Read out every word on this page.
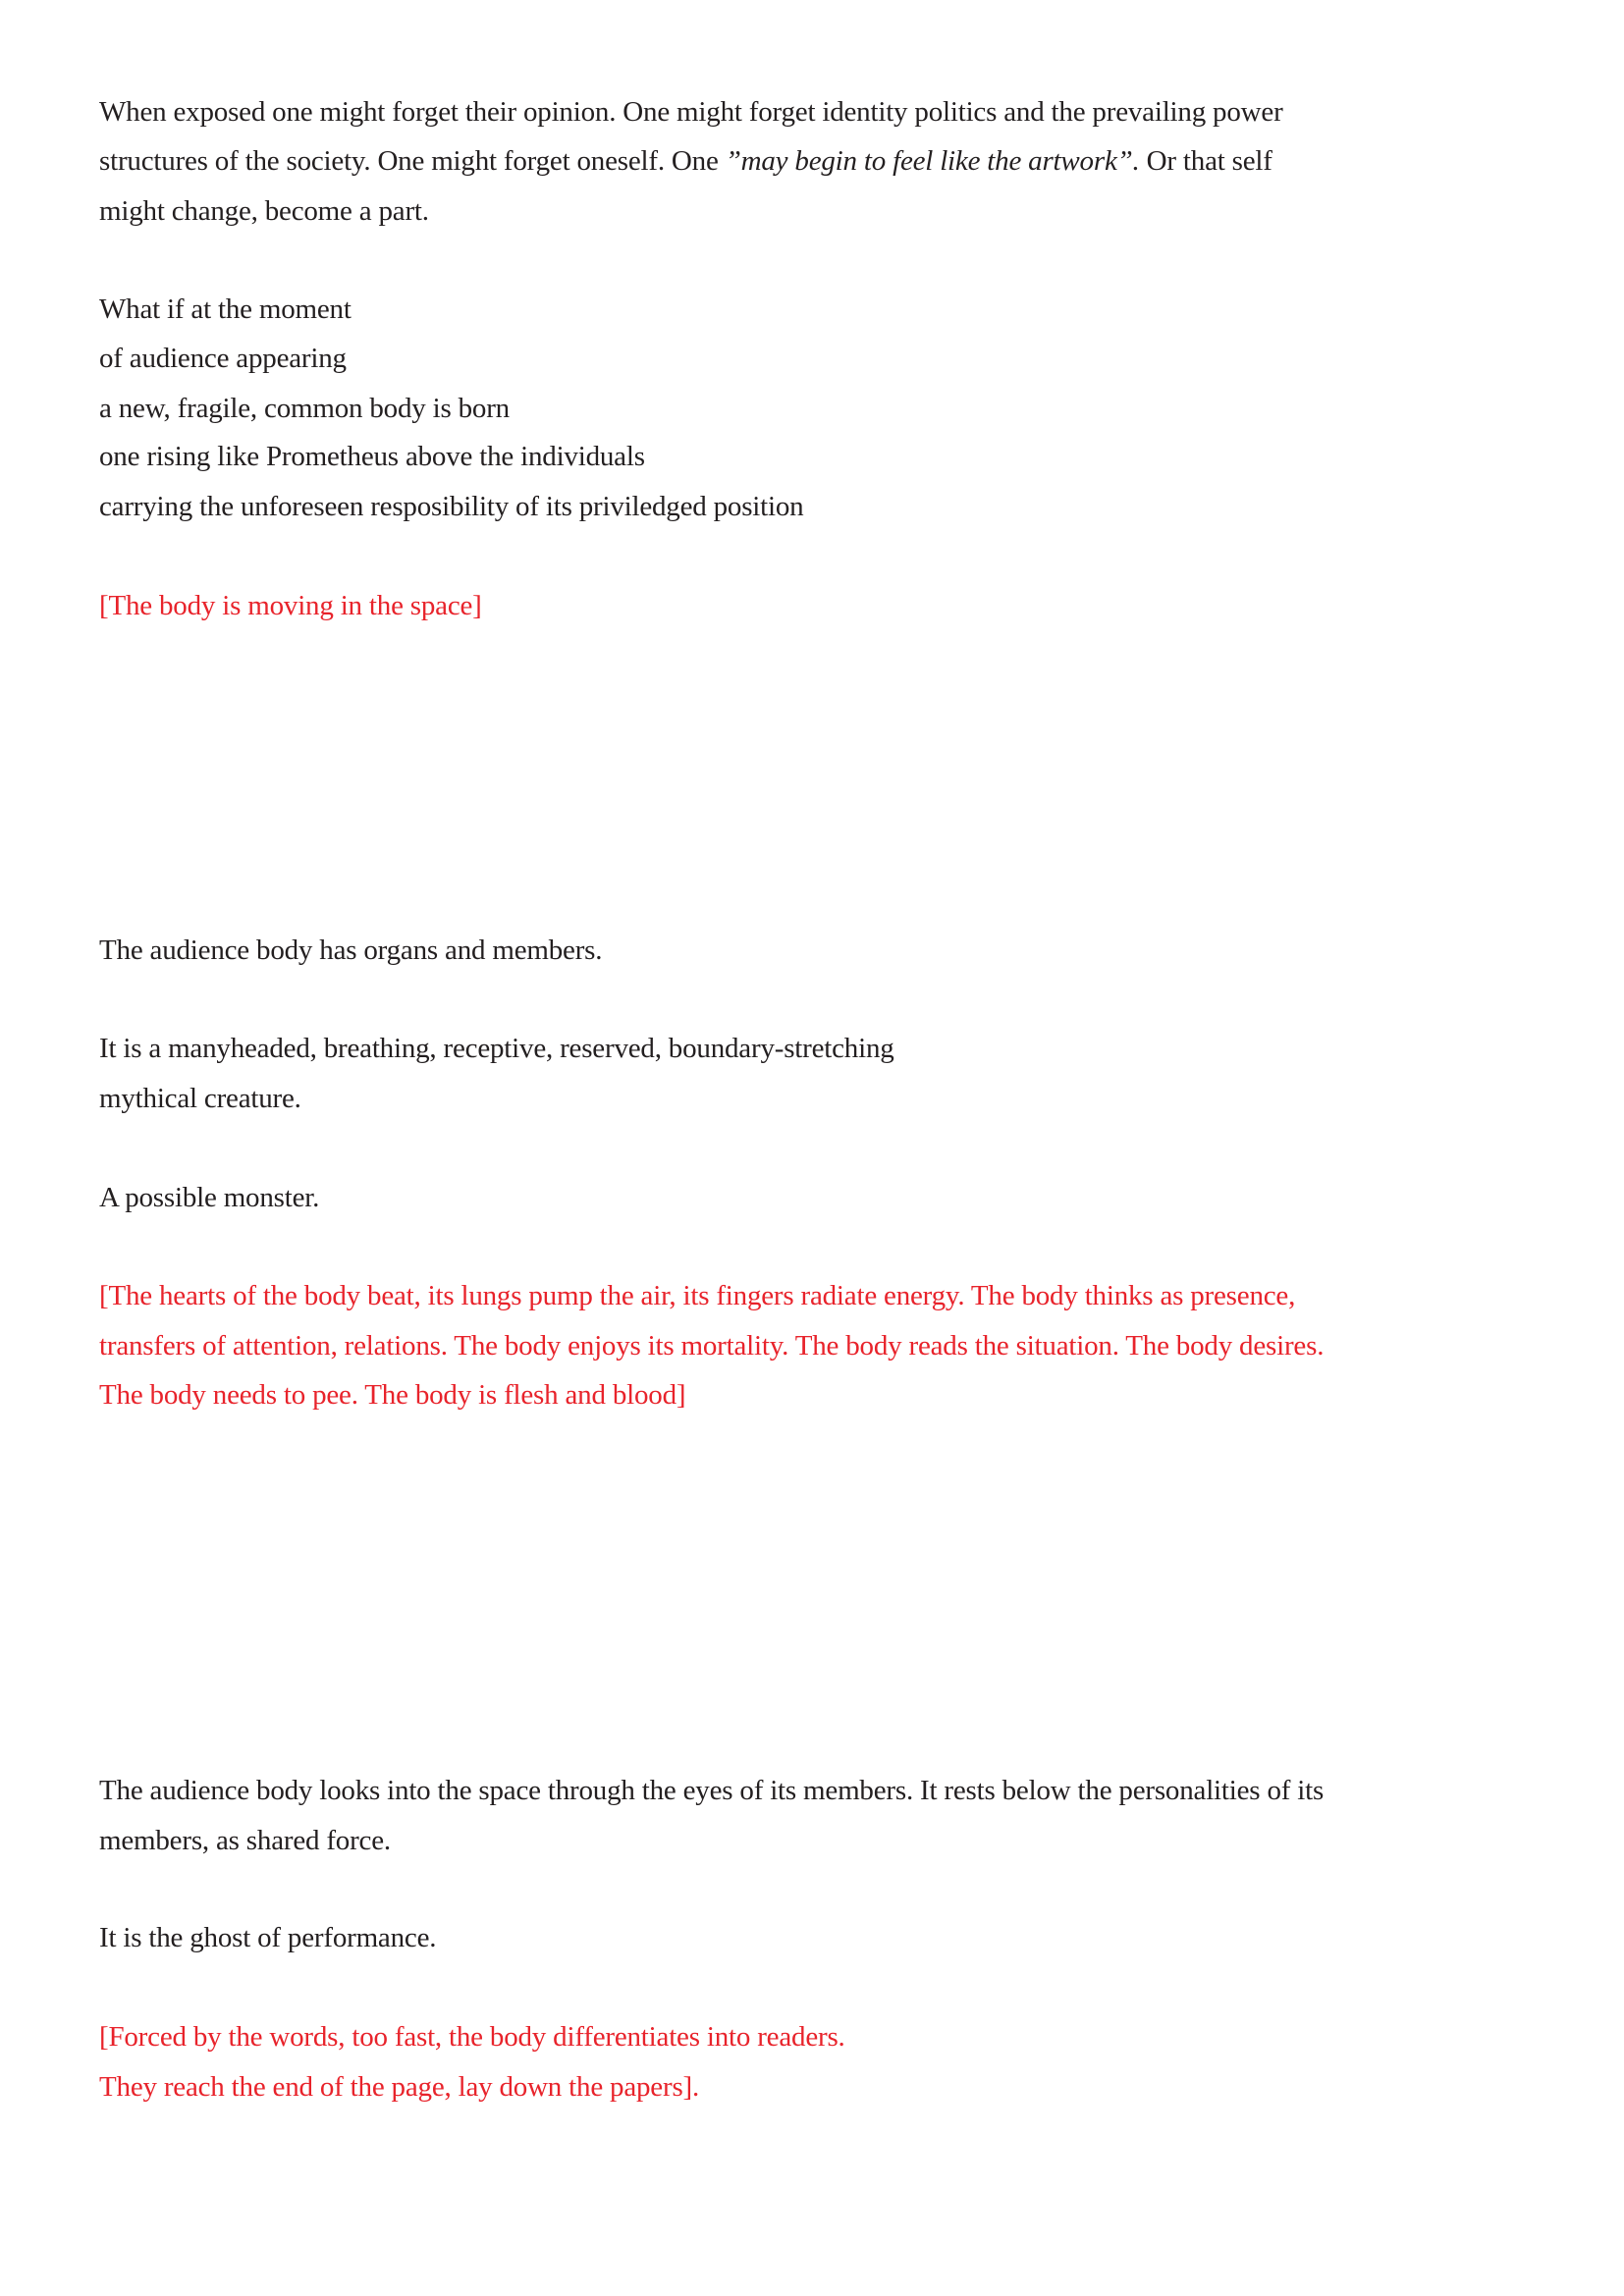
When exposed one might forget their opinion. One might forget identity politics and the prevailing power
structures of the society. One might forget oneself. One ”may begin to feel like the artwork”. Or that self
might change, become a part.
What if at the moment
of audience appearing
a new, fragile, common body is born
one rising like Prometheus above the individuals
carrying the unforeseen resposibility of its priviledged position
[The body is moving in the space]
The audience body has organs and members.
It is a manyheaded, breathing, receptive, reserved, boundary-stretching
mythical creature.
A possible monster.
[The hearts of the body beat, its lungs pump the air, its fingers radiate energy. The body thinks as presence,
transfers of attention, relations. The body enjoys its mortality. The body reads the situation. The body desires.
The body needs to pee. The body is flesh and blood]
The audience body looks into the space through the eyes of its members. It rests below the personalities of its
members, as shared force.
It is the ghost of performance.
[Forced by the words, too fast, the body differentiates into readers.
They reach the end of the page, lay down the papers].
